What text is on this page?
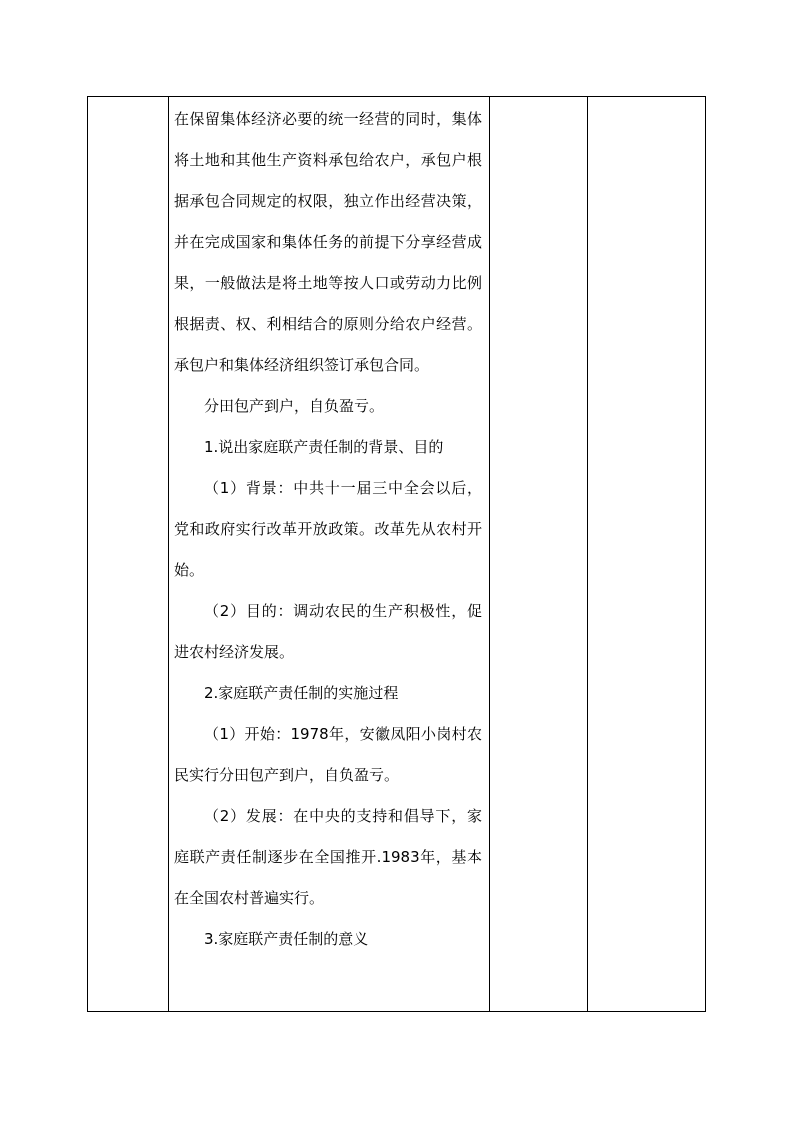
在保留集体经济必要的统一经营的同时，集体将土地和其他生产资料承包给农户，承包户根据承包合同规定的权限，独立作出经营决策，并在完成国家和集体任务的前提下分享经营成果，一般做法是将土地等按人口或劳动力比例根据责、权、利相结合的原则分给农户经营。承包户和集体经济组织签订承包合同。

分田包产到户，自负盈亏。

1.说出家庭联产责任制的背景、目的

（1）背景：中共十一届三中全会以后，党和政府实行改革开放政策。改革先从农村开始。

（2）目的：调动农民的生产积极性，促进农村经济发展。

2.家庭联产责任制的实施过程

（1）开始：1978年，安徽凤阳小岗村农民实行分田包产到户，自负盈亏。

（2）发展：在中央的支持和倡导下，家庭联产责任制逐步在全国推开.1983年，基本在全国农村普遍实行。

3.家庭联产责任制的意义
